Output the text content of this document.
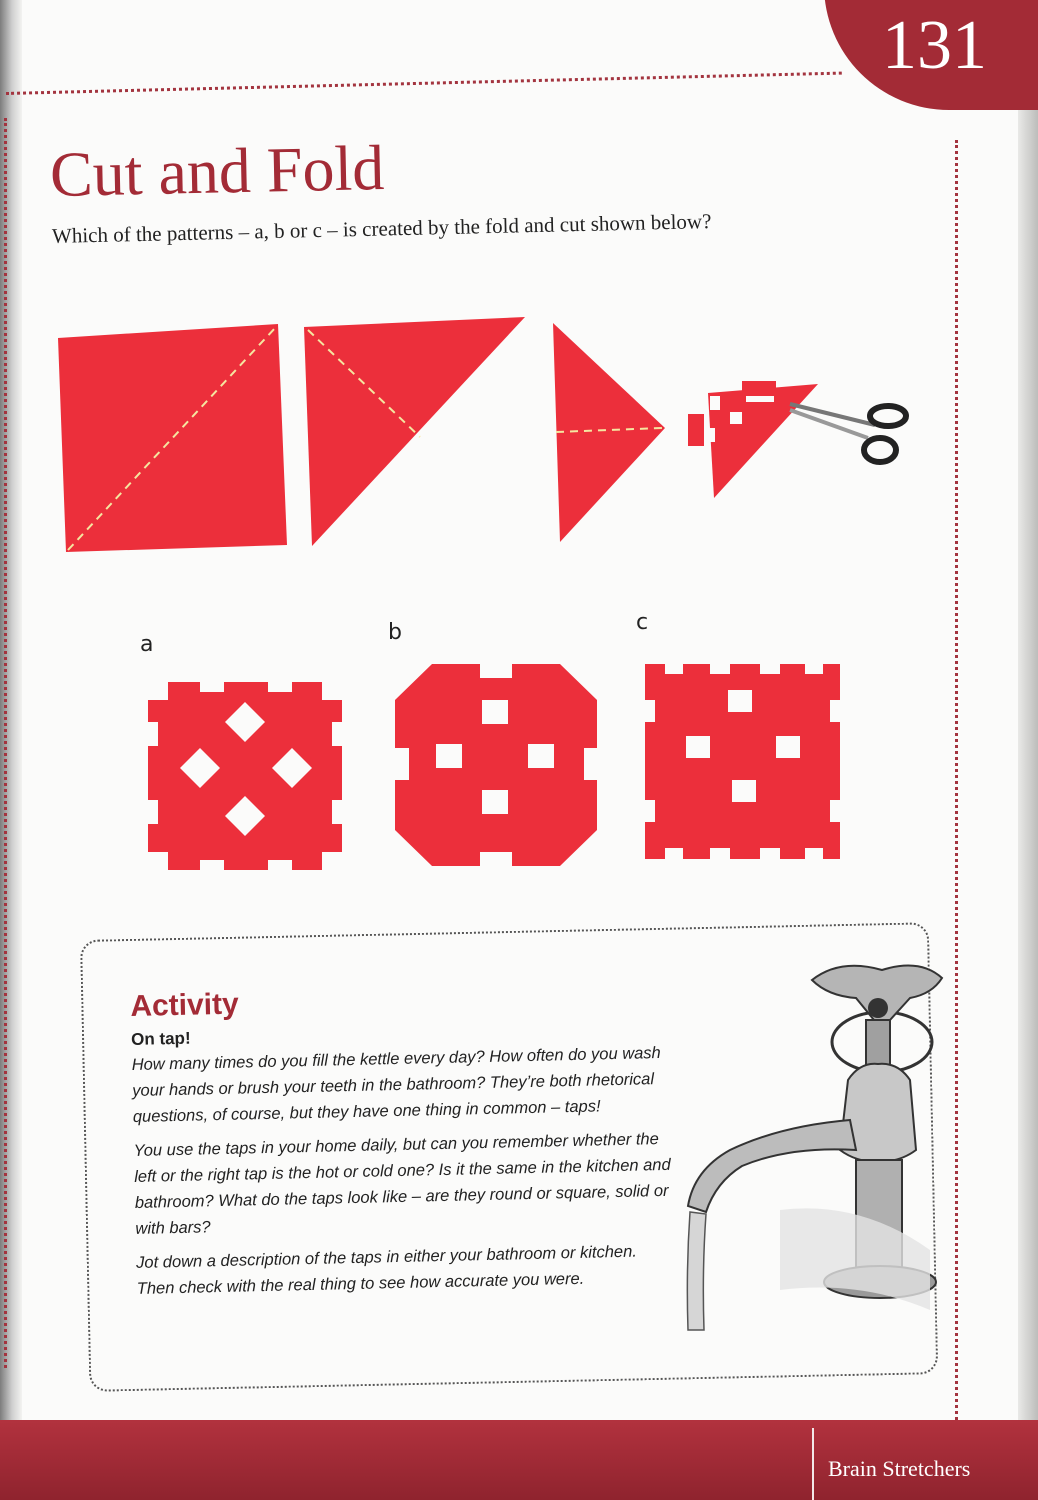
131
Cut and Fold
Which of the patterns – a, b or c – is created by the fold and cut shown below?
a	b	c
Activity
On tap!

How many times do you fill the kettle every day? How often do you wash your hands or brush your teeth in the bathroom? They’re both rhetorical questions, of course, but they have one thing in common – taps!

You use the taps in your home daily, but can you remember whether the left or the right tap is the hot or cold one? Is it the same in the kitchen and bathroom? What do the taps look like – are they round or square, solid or with bars?

Jot down a description of the taps in either your bathroom or kitchen. Then check with the real thing to see how accurate you were.

Brain Stretchers
